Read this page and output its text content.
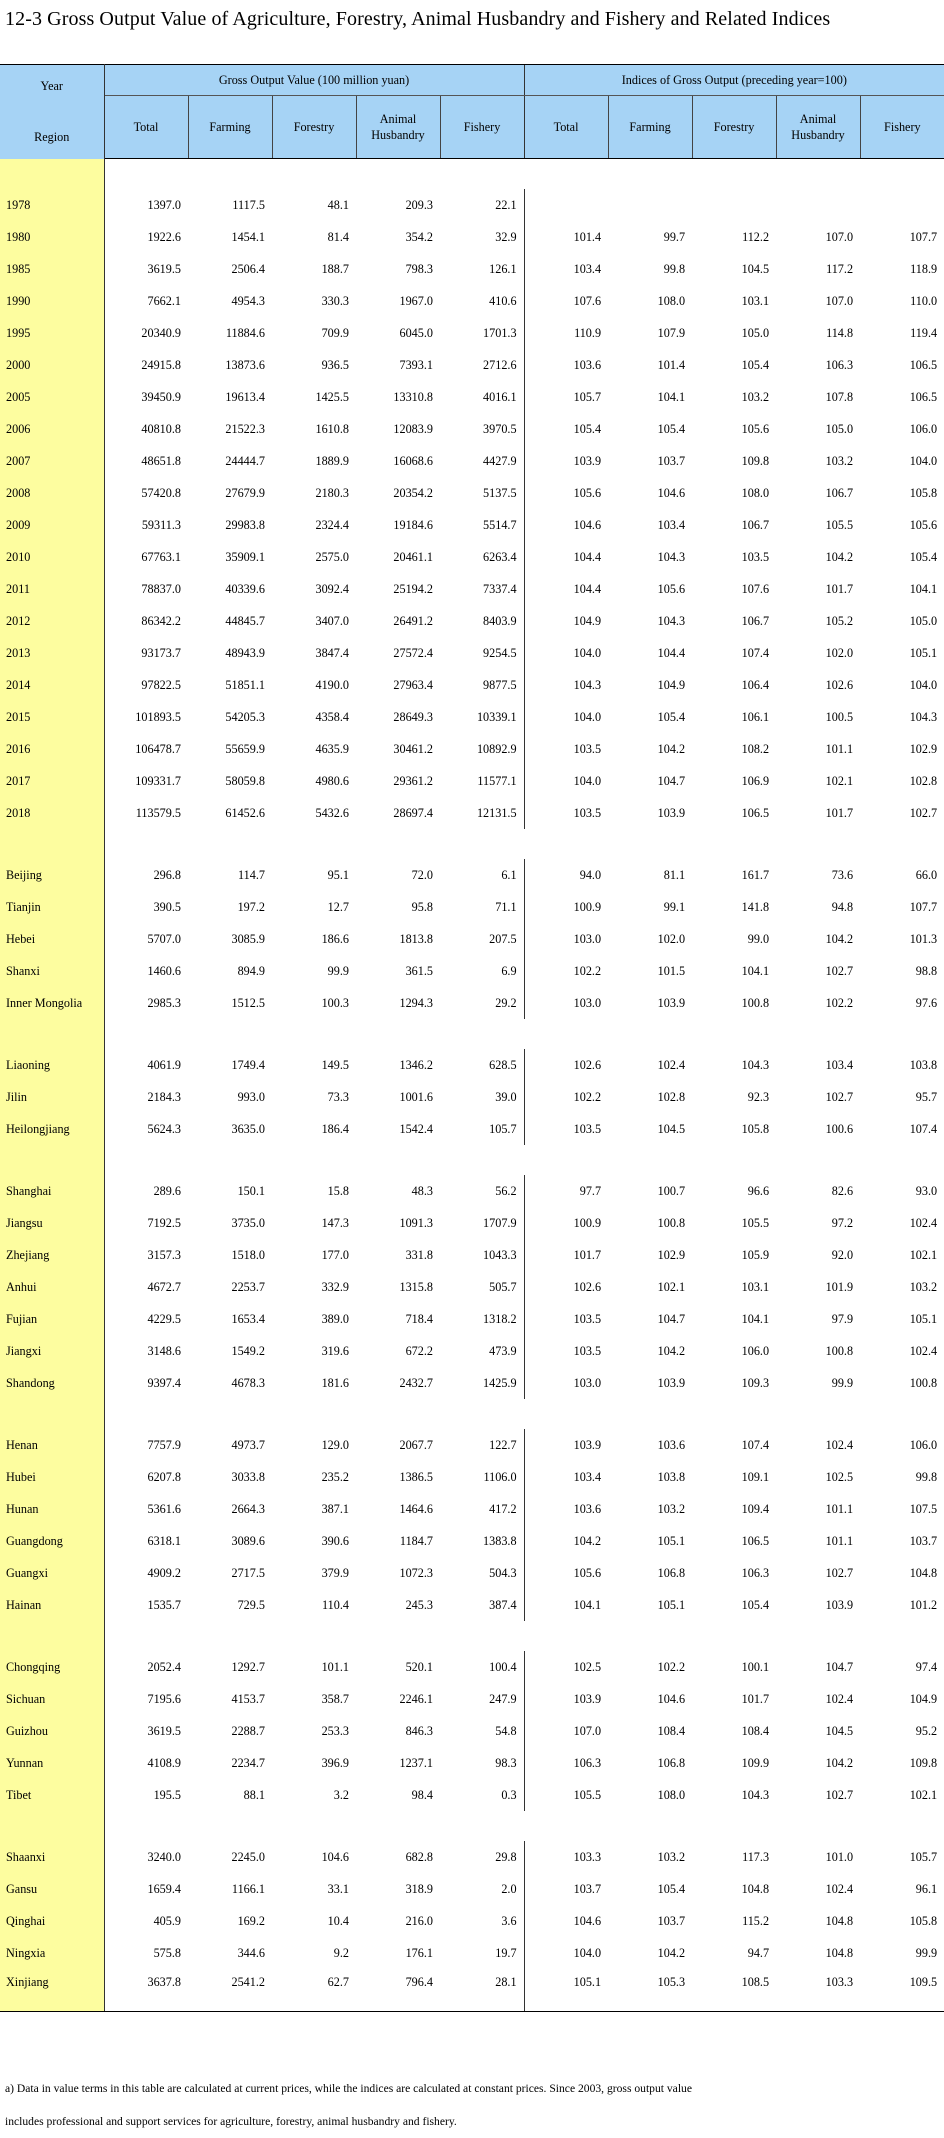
12-3 Gross Output Value of Agriculture, Forestry, Animal Husbandry and Fishery and Related Indices
Year
Region	Gross Output Value (100 million yuan)					Indices of Gross Output (preceding year=100)				
	Total	Farming	Forestry	Animal Husbandry	Fishery	Total	Farming	Forestry	Animal Husbandry	Fishery

1978	1397.0	1117.5	48.1	209.3	22.1					
1980	1922.6	1454.1	81.4	354.2	32.9	101.4	99.7	112.2	107.0	107.7
1985	3619.5	2506.4	188.7	798.3	126.1	103.4	99.8	104.5	117.2	118.9
1990	7662.1	4954.3	330.3	1967.0	410.6	107.6	108.0	103.1	107.0	110.0
1995	20340.9	11884.6	709.9	6045.0	1701.3	110.9	107.9	105.0	114.8	119.4
2000	24915.8	13873.6	936.5	7393.1	2712.6	103.6	101.4	105.4	106.3	106.5
2005	39450.9	19613.4	1425.5	13310.8	4016.1	105.7	104.1	103.2	107.8	106.5
2006	40810.8	21522.3	1610.8	12083.9	3970.5	105.4	105.4	105.6	105.0	106.0
2007	48651.8	24444.7	1889.9	16068.6	4427.9	103.9	103.7	109.8	103.2	104.0
2008	57420.8	27679.9	2180.3	20354.2	5137.5	105.6	104.6	108.0	106.7	105.8
2009	59311.3	29983.8	2324.4	19184.6	5514.7	104.6	103.4	106.7	105.5	105.6
2010	67763.1	35909.1	2575.0	20461.1	6263.4	104.4	104.3	103.5	104.2	105.4
2011	78837.0	40339.6	3092.4	25194.2	7337.4	104.4	105.6	107.6	101.7	104.1
2012	86342.2	44845.7	3407.0	26491.2	8403.9	104.9	104.3	106.7	105.2	105.0
2013	93173.7	48943.9	3847.4	27572.4	9254.5	104.0	104.4	107.4	102.0	105.1
2014	97822.5	51851.1	4190.0	27963.4	9877.5	104.3	104.9	106.4	102.6	104.0
2015	101893.5	54205.3	4358.4	28649.3	10339.1	104.0	105.4	106.1	100.5	104.3
2016	106478.7	55659.9	4635.9	30461.2	10892.9	103.5	104.2	108.2	101.1	102.9
2017	109331.7	58059.8	4980.6	29361.2	11577.1	104.0	104.7	106.9	102.1	102.8
2018	113579.5	61452.6	5432.6	28697.4	12131.5	103.5	103.9	106.5	101.7	102.7

Beijing	296.8	114.7	95.1	72.0	6.1	94.0	81.1	161.7	73.6	66.0
Tianjin	390.5	197.2	12.7	95.8	71.1	100.9	99.1	141.8	94.8	107.7
Hebei	5707.0	3085.9	186.6	1813.8	207.5	103.0	102.0	99.0	104.2	101.3
Shanxi	1460.6	894.9	99.9	361.5	6.9	102.2	101.5	104.1	102.7	98.8
Inner Mongolia	2985.3	1512.5	100.3	1294.3	29.2	103.0	103.9	100.8	102.2	97.6

Liaoning	4061.9	1749.4	149.5	1346.2	628.5	102.6	102.4	104.3	103.4	103.8
Jilin	2184.3	993.0	73.3	1001.6	39.0	102.2	102.8	92.3	102.7	95.7
Heilongjiang	5624.3	3635.0	186.4	1542.4	105.7	103.5	104.5	105.8	100.6	107.4

Shanghai	289.6	150.1	15.8	48.3	56.2	97.7	100.7	96.6	82.6	93.0
Jiangsu	7192.5	3735.0	147.3	1091.3	1707.9	100.9	100.8	105.5	97.2	102.4
Zhejiang	3157.3	1518.0	177.0	331.8	1043.3	101.7	102.9	105.9	92.0	102.1
Anhui	4672.7	2253.7	332.9	1315.8	505.7	102.6	102.1	103.1	101.9	103.2
Fujian	4229.5	1653.4	389.0	718.4	1318.2	103.5	104.7	104.1	97.9	105.1
Jiangxi	3148.6	1549.2	319.6	672.2	473.9	103.5	104.2	106.0	100.8	102.4
Shandong	9397.4	4678.3	181.6	2432.7	1425.9	103.0	103.9	109.3	99.9	100.8

Henan	7757.9	4973.7	129.0	2067.7	122.7	103.9	103.6	107.4	102.4	106.0
Hubei	6207.8	3033.8	235.2	1386.5	1106.0	103.4	103.8	109.1	102.5	99.8
Hunan	5361.6	2664.3	387.1	1464.6	417.2	103.6	103.2	109.4	101.1	107.5
Guangdong	6318.1	3089.6	390.6	1184.7	1383.8	104.2	105.1	106.5	101.1	103.7
Guangxi	4909.2	2717.5	379.9	1072.3	504.3	105.6	106.8	106.3	102.7	104.8
Hainan	1535.7	729.5	110.4	245.3	387.4	104.1	105.1	105.4	103.9	101.2

Chongqing	2052.4	1292.7	101.1	520.1	100.4	102.5	102.2	100.1	104.7	97.4
Sichuan	7195.6	4153.7	358.7	2246.1	247.9	103.9	104.6	101.7	102.4	104.9
Guizhou	3619.5	2288.7	253.3	846.3	54.8	107.0	108.4	108.4	104.5	95.2
Yunnan	4108.9	2234.7	396.9	1237.1	98.3	106.3	106.8	109.9	104.2	109.8
Tibet	195.5	88.1	3.2	98.4	0.3	105.5	108.0	104.3	102.7	102.1

Shaanxi	3240.0	2245.0	104.6	682.8	29.8	103.3	103.2	117.3	101.0	105.7
Gansu	1659.4	1166.1	33.1	318.9	2.0	103.7	105.4	104.8	102.4	96.1
Qinghai	405.9	169.2	10.4	216.0	3.6	104.6	103.7	115.2	104.8	105.8
Ningxia	575.8	344.6	9.2	176.1	19.7	104.0	104.2	94.7	104.8	99.9
Xinjiang	3637.8	2541.2	62.7	796.4	28.1	105.1	105.3	108.5	103.3	109.5

a) Data in value terms in this table are calculated at current prices, while the indices are calculated at constant prices. Since 2003, gross output value

includes professional and support services for agriculture, forestry, animal husbandry and fishery.
